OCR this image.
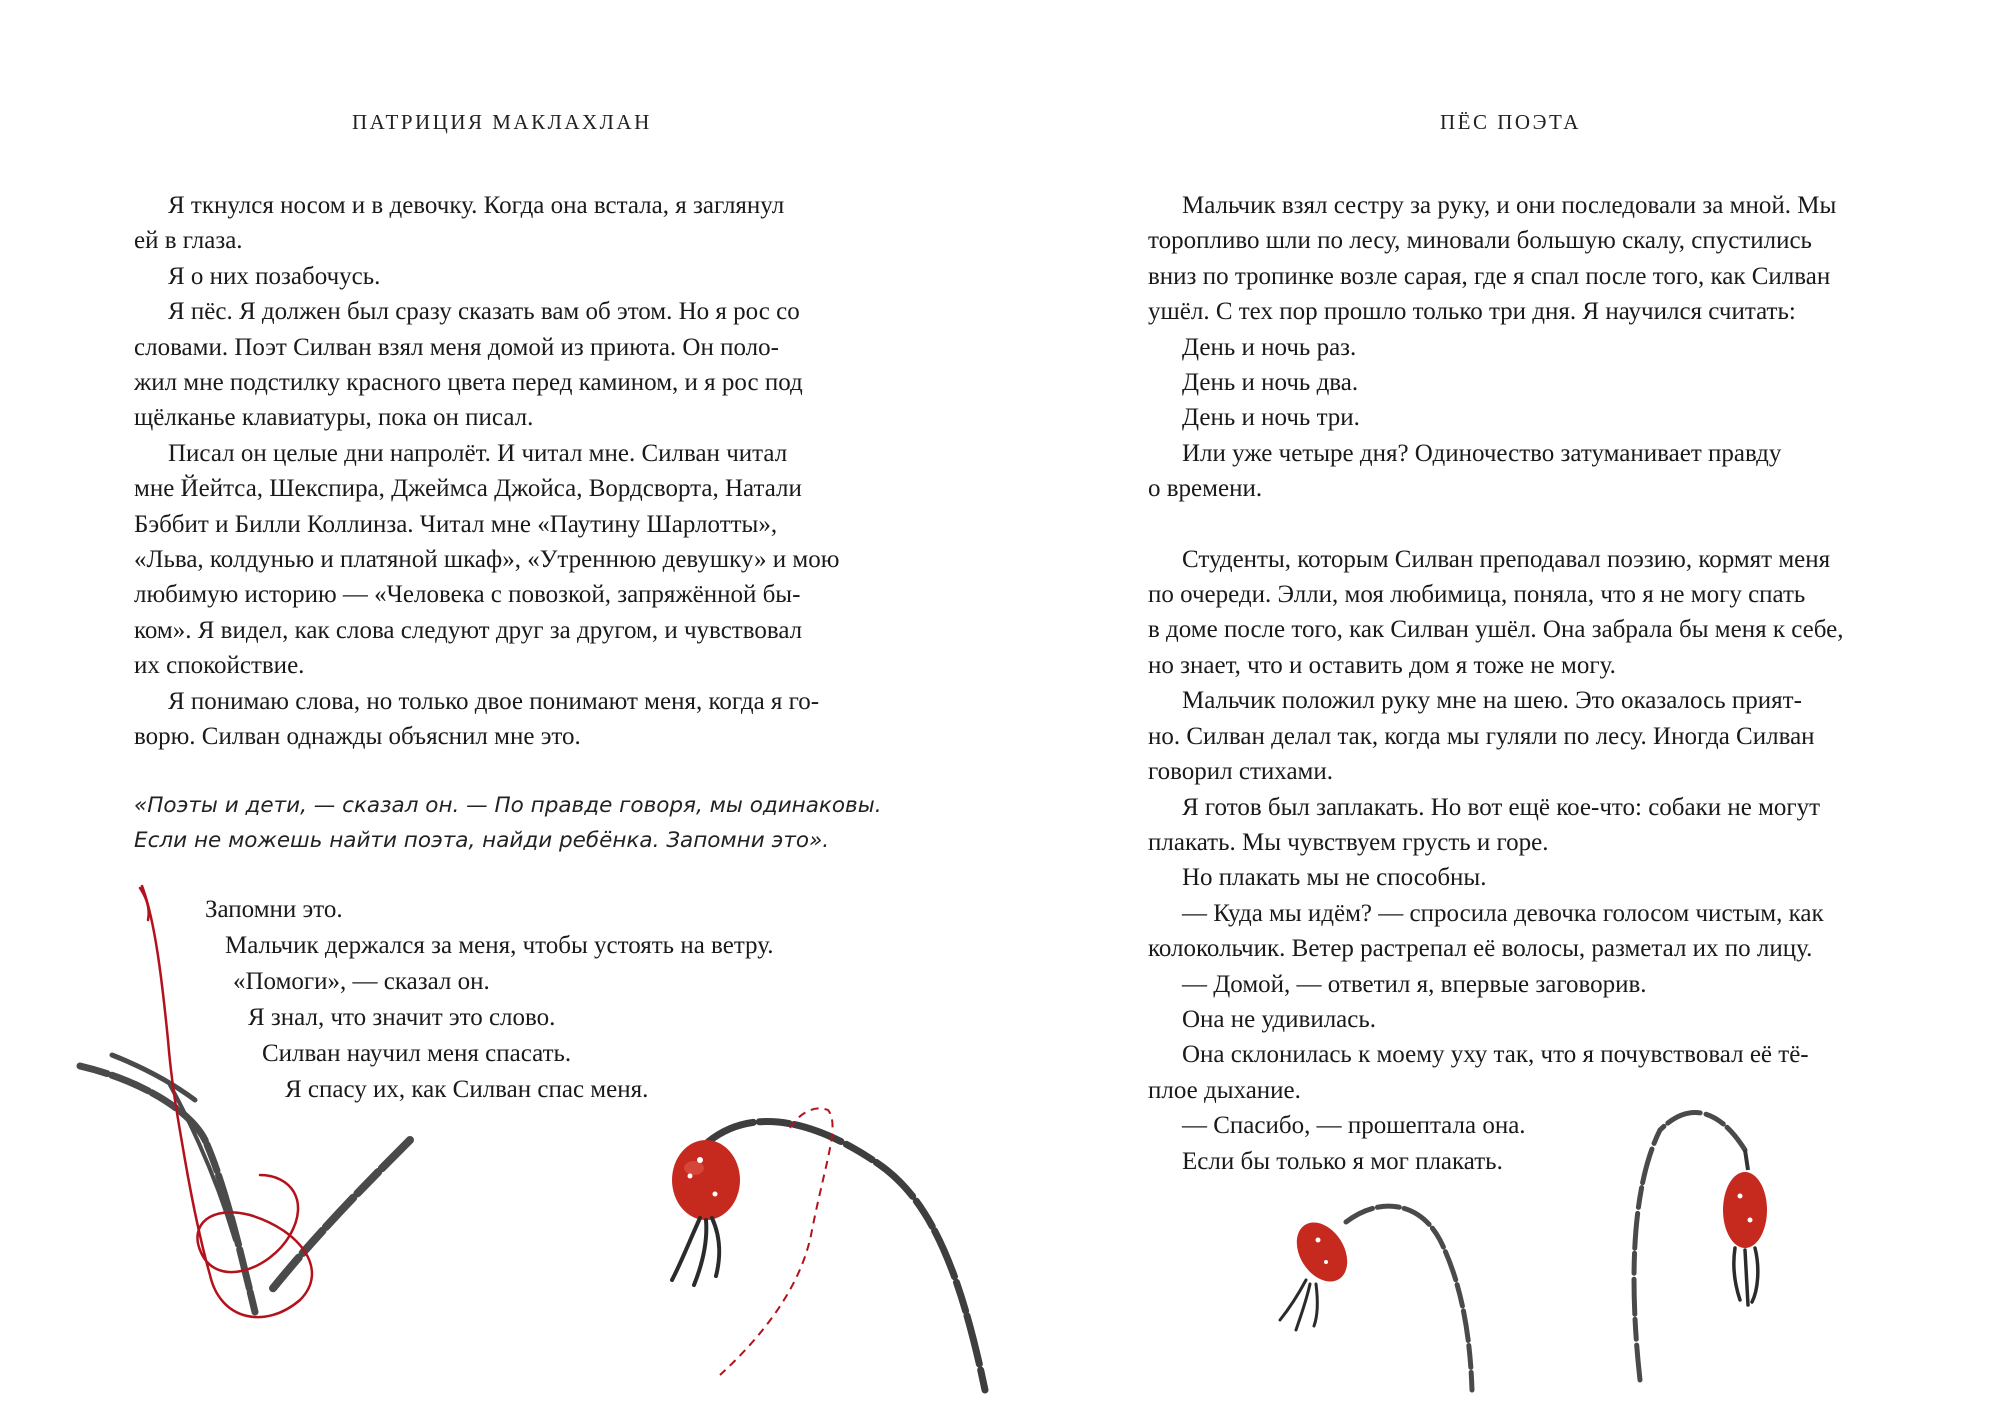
ПАТРИЦИЯ МАКЛАХЛАН
Я ткнулся носом и в девочку. Когда она встала, я заглянул
ей в глаза.
Я о них позабочусь.
Я пёс. Я должен был сразу сказать вам об этом. Но я рос со
словами. Поэт Силван взял меня домой из приюта. Он поло-
жил мне подстилку красного цвета перед камином, и я рос под
щёлканье клавиатуры, пока он писал.
Писал он целые дни напролёт. И читал мне. Силван читал
мне Йейтса, Шекспира, Джеймса Джойса, Вордсворта, Натали
Бэббит и Билли Коллинза. Читал мне «Паутину Шарлотты»,
«Льва, колдунью и платяной шкаф», «Утреннюю девушку» и мою
любимую историю — «Человека с повозкой, запряжённой бы-
ком». Я видел, как слова следуют друг за другом, и чувствовал
их спокойствие.
Я понимаю слова, но только двое понимают меня, когда я го-
ворю. Силван однажды объяснил мне это.
«Поэты и дети, — сказал он. — По правде говоря, мы одинаковы.
Если не можешь найти поэта, найди ребёнка. Запомни это».
Запомни это.
Мальчик держался за меня, чтобы устоять на ветру.
«Помоги», — сказал он.
Я знал, что значит это слово.
Силван научил меня спасать.
Я спасу их, как Силван спас меня.
ПЁС ПОЭТА
Мальчик взял сестру за руку, и они последовали за мной. Мы
торопливо шли по лесу, миновали большую скалу, спустились
вниз по тропинке возле сарая, где я спал после того, как Силван
ушёл. С тех пор прошло только три дня. Я научился считать:
День и ночь раз.
День и ночь два.
День и ночь три.
Или уже четыре дня? Одиночество затуманивает правду
о времени.
Студенты, которым Силван преподавал поэзию, кормят меня
по очереди. Элли, моя любимица, поняла, что я не могу спать
в доме после того, как Силван ушёл. Она забрала бы меня к себе,
но знает, что и оставить дом я тоже не могу.
Мальчик положил руку мне на шею. Это оказалось прият-
но. Силван делал так, когда мы гуляли по лесу. Иногда Силван
говорил стихами.
Я готов был заплакать. Но вот ещё кое-что: собаки не могут
плакать. Мы чувствуем грусть и горе.
Но плакать мы не способны.
— Куда мы идём? — спросила девочка голосом чистым, как
колокольчик. Ветер растрепал её волосы, разметал их по лицу.
— Домой, — ответил я, впервые заговорив.
Она не удивилась.
Она склонилась к моему уху так, что я почувствовал её тё-
плое дыхание.
— Спасибо, — прошептала она.
Если бы только я мог плакать.
